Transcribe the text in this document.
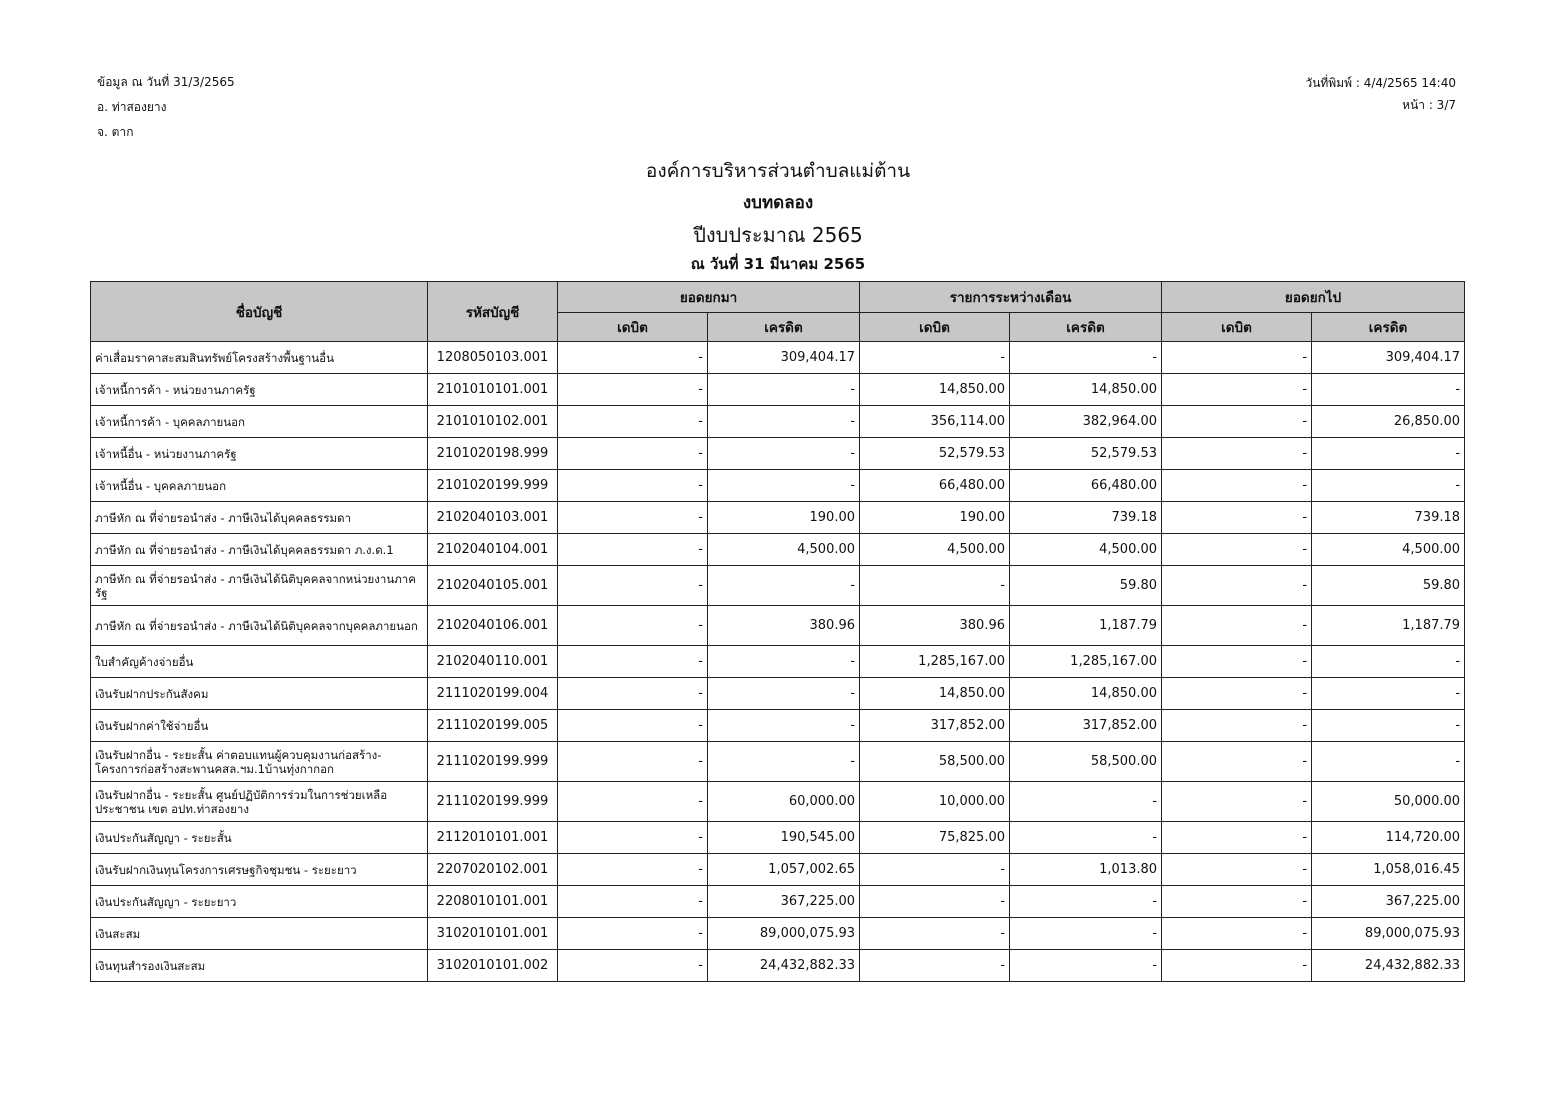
ข้อมูล ณ วันที่ 31/3/2565
อ. ท่าสองยาง
จ. ตาก
วันที่พิมพ์ : 4/4/2565 14:40
หน้า : 3/7
องค์การบริหารส่วนตำบลแม่ต้าน
งบทดลอง
ปีงบประมาณ 2565
ณ วันที่ 31 มีนาคม 2565
ชื่อบัญชี	รหัสบัญชี	ยอดยกมา		รายการระหว่างเดือน		ยอดยกไป	
		เดบิต	เครดิต	เดบิต	เครดิต	เดบิต	เครดิต
ค่าเสื่อมราคาสะสมสินทรัพย์โครงสร้างพื้นฐานอื่น	1208050103.001	-	309,404.17	-	-	-	309,404.17
เจ้าหนี้การค้า - หน่วยงานภาครัฐ	2101010101.001	-	-	14,850.00	14,850.00	-	-
เจ้าหนี้การค้า - บุคคลภายนอก	2101010102.001	-	-	356,114.00	382,964.00	-	26,850.00
เจ้าหนี้อื่น - หน่วยงานภาครัฐ	2101020198.999	-	-	52,579.53	52,579.53	-	-
เจ้าหนี้อื่น - บุคคลภายนอก	2101020199.999	-	-	66,480.00	66,480.00	-	-
ภาษีหัก ณ ที่จ่ายรอนำส่ง - ภาษีเงินได้บุคคลธรรมดา	2102040103.001	-	190.00	190.00	739.18	-	739.18
ภาษีหัก ณ ที่จ่ายรอนำส่ง - ภาษีเงินได้บุคคลธรรมดา ภ.ง.ด.1	2102040104.001	-	4,500.00	4,500.00	4,500.00	-	4,500.00
ภาษีหัก ณ ที่จ่ายรอนำส่ง - ภาษีเงินได้นิติบุคคลจากหน่วยงานภาครัฐ	2102040105.001	-	-	-	59.80	-	59.80
ภาษีหัก ณ ที่จ่ายรอนำส่ง - ภาษีเงินได้นิติบุคคลจากบุคคลภายนอก	2102040106.001	-	380.96	380.96	1,187.79	-	1,187.79
ใบสำคัญค้างจ่ายอื่น	2102040110.001	-	-	1,285,167.00	1,285,167.00	-	-
เงินรับฝากประกันสังคม	2111020199.004	-	-	14,850.00	14,850.00	-	-
เงินรับฝากค่าใช้จ่ายอื่น	2111020199.005	-	-	317,852.00	317,852.00	-	-
เงินรับฝากอื่น - ระยะสั้น ค่าตอบแทนผู้ควบคุมงานก่อสร้าง-โครงการก่อสร้างสะพานคสล.ฯม.1บ้านทุ่งกากอก	2111020199.999	-	-	58,500.00	58,500.00	-	-
เงินรับฝากอื่น - ระยะสั้น ศูนย์ปฏิบัติการร่วมในการช่วยเหลือประชาชน เขต อปท.ท่าสองยาง	2111020199.999	-	60,000.00	10,000.00	-	-	50,000.00
เงินประกันสัญญา - ระยะสั้น	2112010101.001	-	190,545.00	75,825.00	-	-	114,720.00
เงินรับฝากเงินทุนโครงการเศรษฐกิจชุมชน - ระยะยาว	2207020102.001	-	1,057,002.65	-	1,013.80	-	1,058,016.45
เงินประกันสัญญา - ระยะยาว	2208010101.001	-	367,225.00	-	-	-	367,225.00
เงินสะสม	3102010101.001	-	89,000,075.93	-	-	-	89,000,075.93
เงินทุนสำรองเงินสะสม	3102010101.002	-	24,432,882.33	-	-	-	24,432,882.33
